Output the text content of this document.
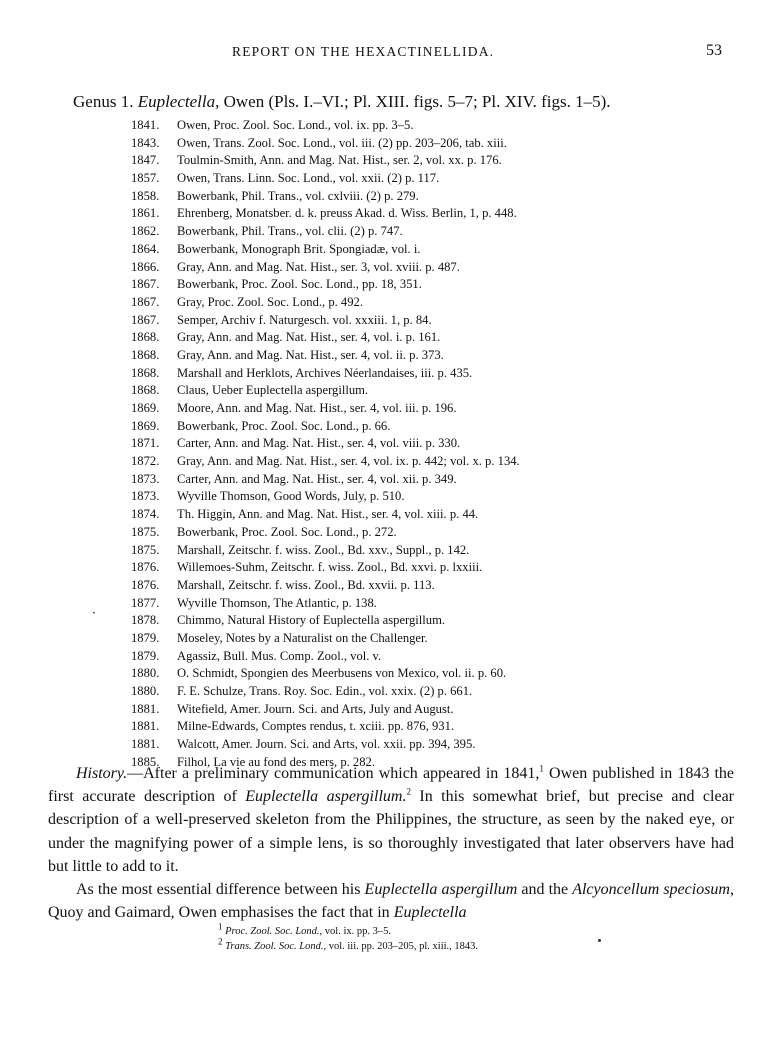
REPORT ON THE HEXACTINELLIDA.	53
Genus 1. Euplectella, Owen (Pls. I.–VI.; Pl. XIII. figs. 5–7; Pl. XIV. figs. 1–5).
1841. Owen, Proc. Zool. Soc. Lond., vol. ix. pp. 3–5.
1843. Owen, Trans. Zool. Soc. Lond., vol. iii. (2) pp. 203–206, tab. xiii.
1847. Toulmin-Smith, Ann. and Mag. Nat. Hist., ser. 2, vol. xx. p. 176.
1857. Owen, Trans. Linn. Soc. Lond., vol. xxii. (2) p. 117.
1858. Bowerbank, Phil. Trans., vol. cxlviii. (2) p. 279.
1861. Ehrenberg, Monatsber. d. k. preuss Akad. d. Wiss. Berlin, 1, p. 448.
1862. Bowerbank, Phil. Trans., vol. clii. (2) p. 747.
1864. Bowerbank, Monograph Brit. Spongiadæ, vol. i.
1866. Gray, Ann. and Mag. Nat. Hist., ser. 3, vol. xviii. p. 487.
1867. Bowerbank, Proc. Zool. Soc. Lond., pp. 18, 351.
1867. Gray, Proc. Zool. Soc. Lond., p. 492.
1867. Semper, Archiv f. Naturgesch. vol. xxxiii. 1, p. 84.
1868. Gray, Ann. and Mag. Nat. Hist., ser. 4, vol. i. p. 161.
1868. Gray, Ann. and Mag. Nat. Hist., ser. 4, vol. ii. p. 373.
1868. Marshall and Herklots, Archives Néerlandaises, iii. p. 435.
1868. Claus, Ueber Euplectella aspergillum.
1869. Moore, Ann. and Mag. Nat. Hist., ser. 4, vol. iii. p. 196.
1869. Bowerbank, Proc. Zool. Soc. Lond., p. 66.
1871. Carter, Ann. and Mag. Nat. Hist., ser. 4, vol. viii. p. 330.
1872. Gray, Ann. and Mag. Nat. Hist., ser. 4, vol. ix. p. 442; vol. x. p. 134.
1873. Carter, Ann. and Mag. Nat. Hist., ser. 4, vol. xii. p. 349.
1873. Wyville Thomson, Good Words, July, p. 510.
1874. Th. Higgin, Ann. and Mag. Nat. Hist., ser. 4, vol. xiii. p. 44.
1875. Bowerbank, Proc. Zool. Soc. Lond., p. 272.
1875. Marshall, Zeitschr. f. wiss. Zool., Bd. xxv., Suppl., p. 142.
1876. Willemoes-Suhm, Zeitschr. f. wiss. Zool., Bd. xxvi. p. lxxiii.
1876. Marshall, Zeitschr. f. wiss. Zool., Bd. xxvii. p. 113.
1877. Wyville Thomson, The Atlantic, p. 138.
1878. Chimmo, Natural History of Euplectella aspergillum.
1879. Moseley, Notes by a Naturalist on the Challenger.
1879. Agassiz, Bull. Mus. Comp. Zool., vol. v.
1880. O. Schmidt, Spongien des Meerbusens von Mexico, vol. ii. p. 60.
1880. F. E. Schulze, Trans. Roy. Soc. Edin., vol. xxix. (2) p. 661.
1881. Witefield, Amer. Journ. Sci. and Arts, July and August.
1881. Milne-Edwards, Comptes rendus, t. xciii. pp. 876, 931.
1881. Walcott, Amer. Journ. Sci. and Arts, vol. xxii. pp. 394, 395.
1885. Filhol, La vie au fond des mers, p. 282.
·

History.—After a preliminary communication which appeared in 1841,$^1$ Owen published in 1843 the first accurate description of Euplectella aspergillum.$^2$ In this somewhat brief, but precise and clear description of a well-preserved skeleton from the Philippines, the structure, as seen by the naked eye, or under the magnifying power of a simple lens, is so thoroughly investigated that later observers have had but little to add to it.

As the most essential difference between his Euplectella aspergillum and the Alcyoncellum speciosum, Quoy and Gaimard, Owen emphasises the fact that in Euplectella

$^1$ Proc. Zool. Soc. Lond., vol. ix. pp. 3–5.
$^2$ Trans. Zool. Soc. Lond., vol. iii. pp. 203–205, pl. xiii., 1843.
